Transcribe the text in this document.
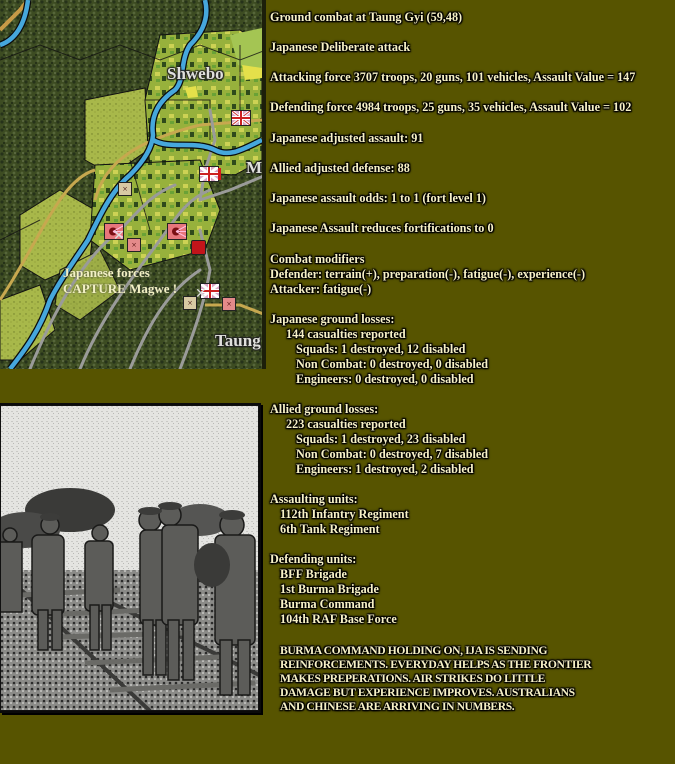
×
×
×	×
✕
✕
Shwebo
M
Taung
Japanese forces
CAPTURE Magwe !
Ground combat at Taung Gyi (59,48)
Japanese Deliberate attack
Attacking force 3707 troops, 20 guns, 101 vehicles, Assault Value = 147
Defending force 4984 troops, 25 guns, 35 vehicles, Assault Value = 102
Japanese adjusted assault: 91
Allied adjusted defense: 88
Japanese assault odds: 1 to 1 (fort level 1)
Japanese Assault reduces fortifications to 0
Combat modifiers
Defender: terrain(+), preparation(-), fatigue(-), experience(-)
Attacker: fatigue(-)
Japanese ground losses:
144 casualties reported
Squads: 1 destroyed, 12 disabled
Non Combat: 0 destroyed, 0 disabled
Engineers: 0 destroyed, 0 disabled
Allied ground losses:
223 casualties reported
Squads: 1 destroyed, 23 disabled
Non Combat: 0 destroyed, 7 disabled
Engineers: 1 destroyed, 2 disabled
Assaulting units:
112th Infantry Regiment
6th Tank Regiment
Defending units:
BFF Brigade
1st Burma Brigade
Burma Command
104th RAF Base Force
BURMA COMMAND HOLDING ON, IJA IS SENDING
REINFORCEMENTS. EVERYDAY HELPS AS THE FRONTIER
MAKES PREPERATIONS. AIR STRIKES DO LITTLE
DAMAGE BUT EXPERIENCE IMPROVES. AUSTRALIANS
AND CHINESE ARE ARRIVING IN NUMBERS.
